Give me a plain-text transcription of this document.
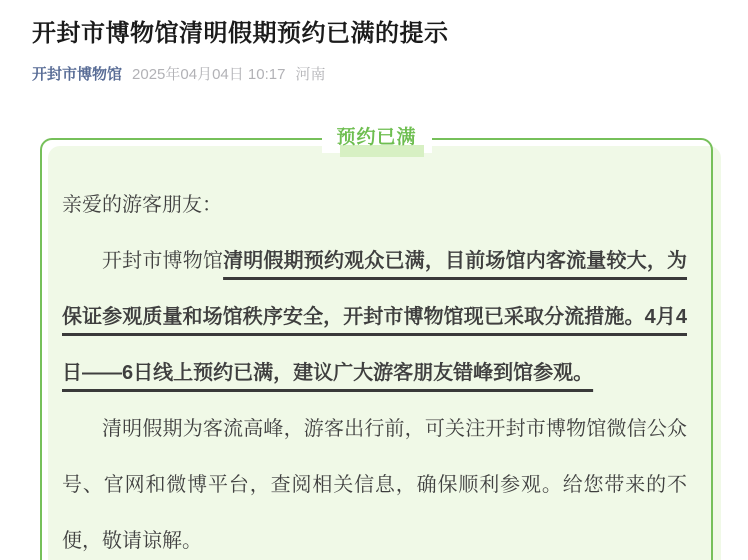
开封市博物馆清明假期预约已满的提示
开封市博物馆 2025年04月04日 10:17 河南
预约已满

亲爱的游客朋友：

开封市博物馆清明假期预约观众已满，目前场馆内客流量较大，为保证参观质量和场馆秩序安全，开封市博物馆现已采取分流措施。4月4日——6日线上预约已满，建议广大游客朋友错峰到馆参观。

清明假期为客流高峰，游客出行前，可关注开封市博物馆微信公众号、官网和微博平台，查阅相关信息，确保顺利参观。给您带来的不便，敬请谅解。
